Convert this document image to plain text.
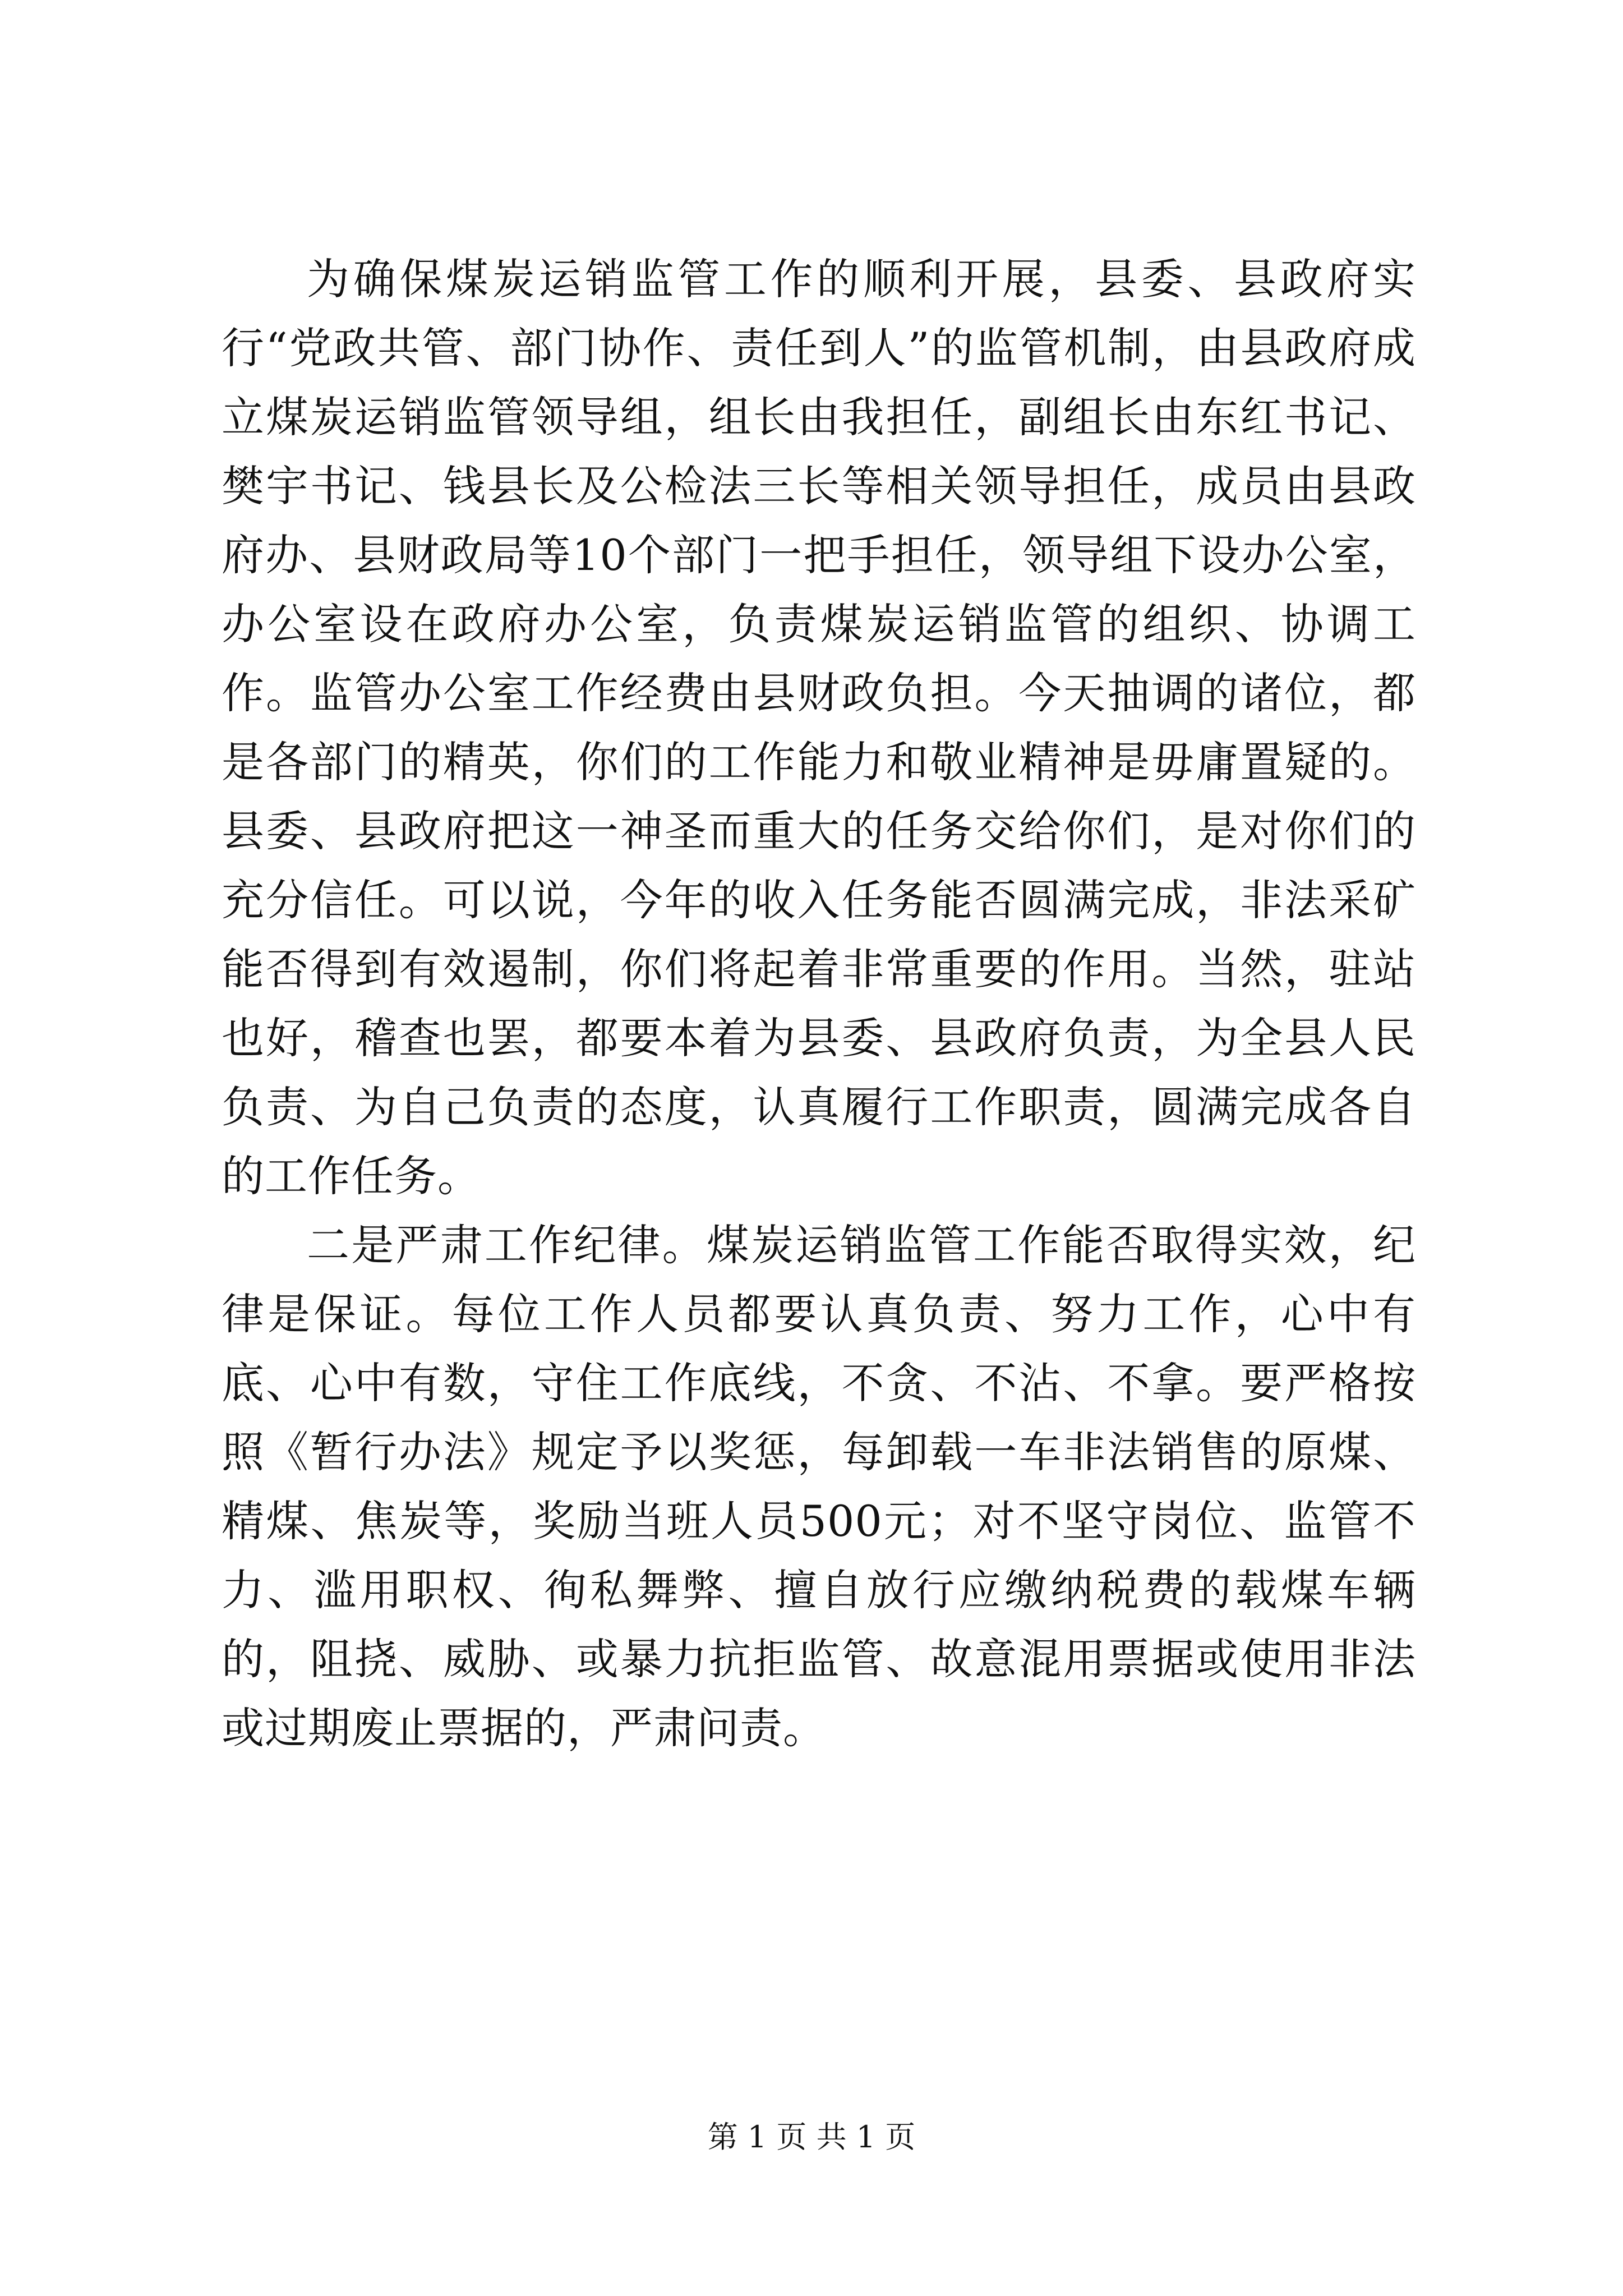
为确保煤炭运销监管工作的顺利开展，县委、县政府实行“党政共管、部门协作、责任到人”的监管机制，由县政府成立煤炭运销监管领导组，组长由我担任，副组长由东红书记、樊宇书记、钱县长及公检法三长等相关领导担任，成员由县政府办、县财政局等10个部门一把手担任，领导组下设办公室，办公室设在政府办公室，负责煤炭运销监管的组织、协调工作。监管办公室工作经费由县财政负担。今天抽调的诸位，都是各部门的精英，你们的工作能力和敬业精神是毋庸置疑的。县委、县政府把这一神圣而重大的任务交给你们，是对你们的充分信任。可以说，今年的收入任务能否圆满完成，非法采矿能否得到有效遏制，你们将起着非常重要的作用。当然，驻站也好，稽查也罢，都要本着为县委、县政府负责，为全县人民负责、为自己负责的态度，认真履行工作职责，圆满完成各自的工作任务。

二是严肃工作纪律。煤炭运销监管工作能否取得实效，纪律是保证。每位工作人员都要认真负责、努力工作，心中有底、心中有数，守住工作底线，不贪、不沾、不拿。要严格按照《暂行办法》规定予以奖惩，每卸载一车非法销售的原煤、精煤、焦炭等，奖励当班人员500元；对不坚守岗位、监管不力、滥用职权、徇私舞弊、擅自放行应缴纳税费的载煤车辆的，阻挠、威胁、或暴力抗拒监管、故意混用票据或使用非法或过期废止票据的，严肃问责。

第 1 页 共 1 页
